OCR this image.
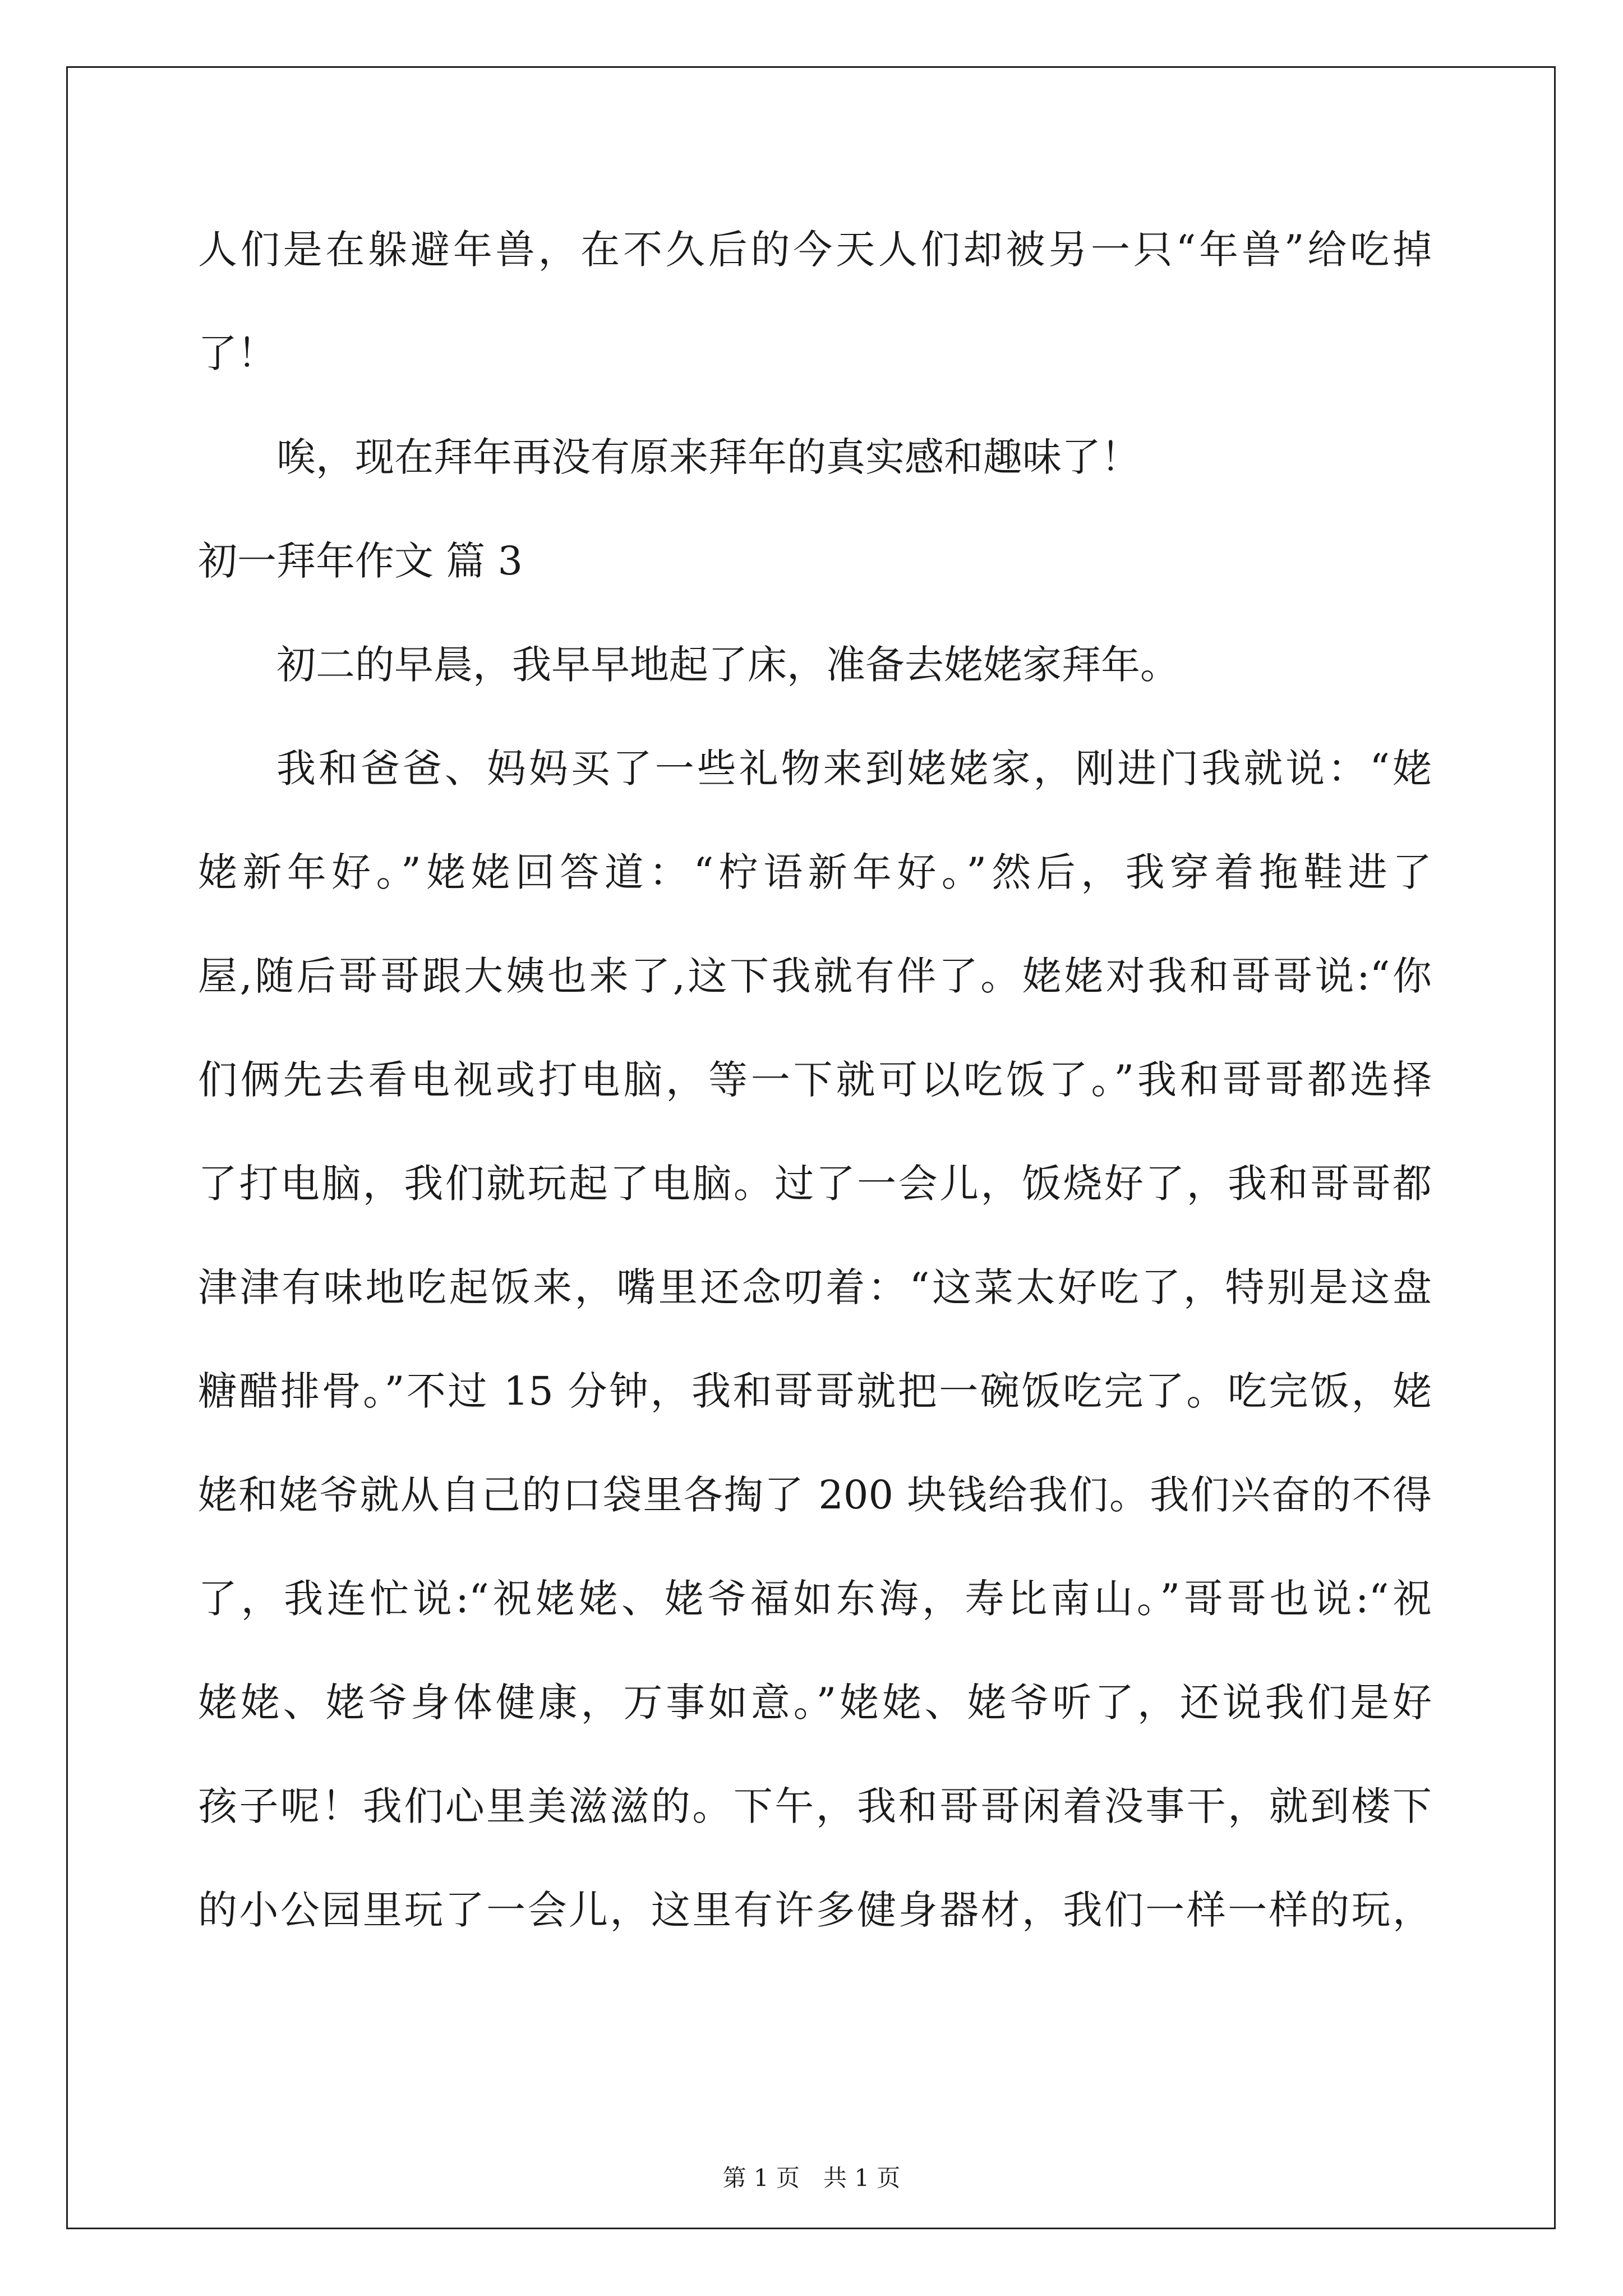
人们是在躲避年兽，在不久后的今天人们却被另一只“年兽”给吃掉
了！
唉，现在拜年再没有原来拜年的真实感和趣味了！
初一拜年作文 篇 3
初二的早晨，我早早地起了床，准备去姥姥家拜年。
我和爸爸、妈妈买了一些礼物来到姥姥家，刚进门我就说：“姥
姥新年好。”姥姥回答道：“柠语新年好。”然后，我穿着拖鞋进了
屋,随后哥哥跟大姨也来了,这下我就有伴了。姥姥对我和哥哥说:“你
们俩先去看电视或打电脑，等一下就可以吃饭了。”我和哥哥都选择
了打电脑，我们就玩起了电脑。过了一会儿，饭烧好了，我和哥哥都
津津有味地吃起饭来，嘴里还念叨着：“这菜太好吃了，特别是这盘
糖醋排骨。”不过 15 分钟，我和哥哥就把一碗饭吃完了。吃完饭，姥
姥和姥爷就从自己的口袋里各掏了 200 块钱给我们。我们兴奋的不得
了，我连忙说:“祝姥姥、姥爷福如东海，寿比南山。”哥哥也说:“祝
姥姥、姥爷身体健康，万事如意。”姥姥、姥爷听了，还说我们是好
孩子呢！我们心里美滋滋的。下午，我和哥哥闲着没事干，就到楼下
的小公园里玩了一会儿，这里有许多健身器材，我们一样一样的玩，
第 1 页　共 1 页
